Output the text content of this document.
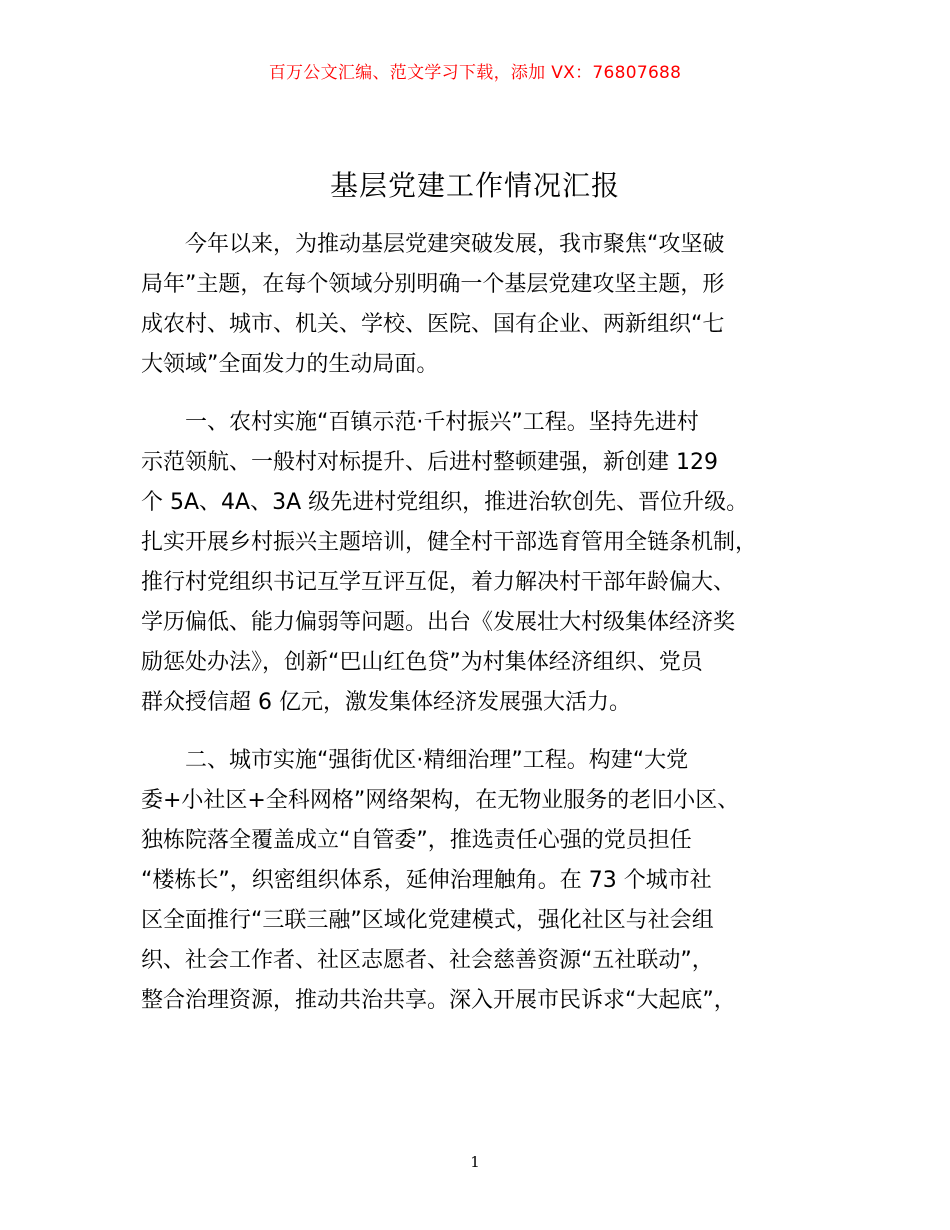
百万公文汇编、范文学习下载，添加 VX：76807688
基层党建工作情况汇报

今年以来，为推动基层党建突破发展，我市聚焦“攻坚破
局年”主题，在每个领域分别明确一个基层党建攻坚主题，形
成农村、城市、机关、学校、医院、国有企业、两新组织“七
大领域”全面发力的生动局面。

一、农村实施“百镇示范·千村振兴”工程。坚持先进村
示范领航、一般村对标提升、后进村整顿建强，新创建 129
个 5A、4A、3A 级先进村党组织，推进治软创先、晋位升级。
扎实开展乡村振兴主题培训，健全村干部选育管用全链条机制，
推行村党组织书记互学互评互促，着力解决村干部年龄偏大、
学历偏低、能力偏弱等问题。出台《发展壮大村级集体经济奖
励惩处办法》，创新“巴山红色贷”为村集体经济组织、党员
群众授信超 6 亿元，激发集体经济发展强大活力。

二、城市实施“强街优区·精细治理”工程。构建“大党
委+小社区+全科网格”网络架构，在无物业服务的老旧小区、
独栋院落全覆盖成立“自管委”，推选责任心强的党员担任
“楼栋长”，织密组织体系，延伸治理触角。在 73 个城市社
区全面推行“三联三融”区域化党建模式，强化社区与社会组
织、社会工作者、社区志愿者、社会慈善资源“五社联动”，
整合治理资源，推动共治共享。深入开展市民诉求“大起底”，

1
